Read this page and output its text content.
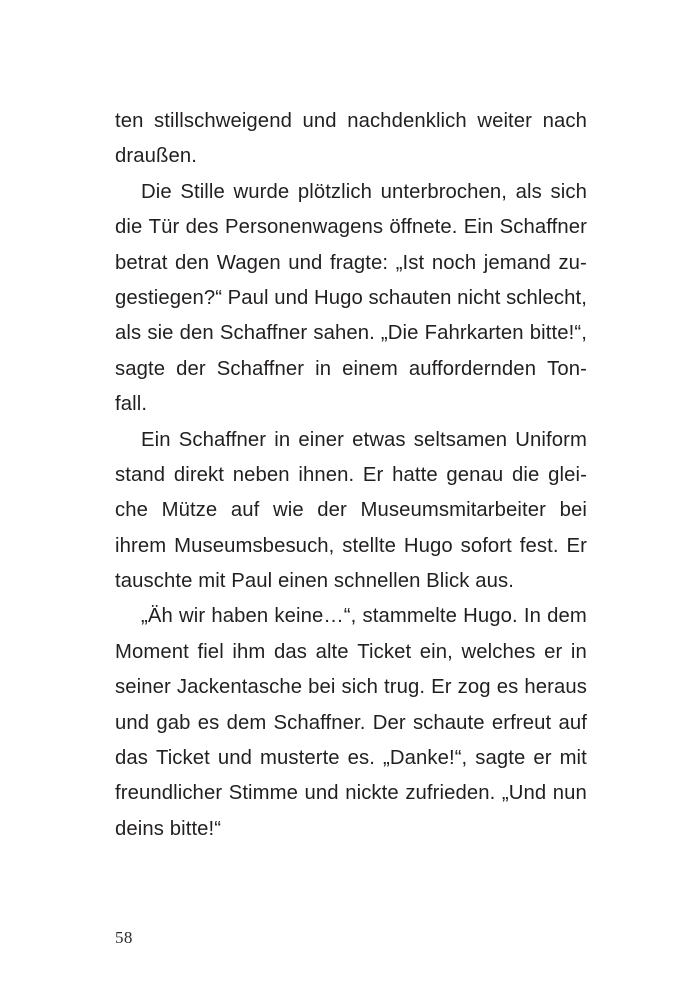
ten stillschweigend und nachdenklich weiter nach
draußen.

Die Stille wurde plötzlich unterbrochen, als sich
die Tür des Personenwagens öffnete. Ein Schaffner
betrat den Wagen und fragte: „Ist noch jemand zu-
gestiegen?“ Paul und Hugo schauten nicht schlecht,
als sie den Schaffner sahen. „Die Fahrkarten bitte!“,
sagte der Schaffner in einem auffordernden Ton-
fall.

Ein Schaffner in einer etwas seltsamen Uniform
stand direkt neben ihnen. Er hatte genau die glei-
che Mütze auf wie der Museumsmitarbeiter bei
ihrem Museumsbesuch, stellte Hugo sofort fest. Er
tauschte mit Paul einen schnellen Blick aus.

„Äh wir haben keine…“, stammelte Hugo. In dem
Moment fiel ihm das alte Ticket ein, welches er in
seiner Jackentasche bei sich trug. Er zog es heraus
und gab es dem Schaffner. Der schaute erfreut auf
das Ticket und musterte es. „Danke!“, sagte er mit
freundlicher Stimme und nickte zufrieden. „Und nun
deins bitte!“

58
